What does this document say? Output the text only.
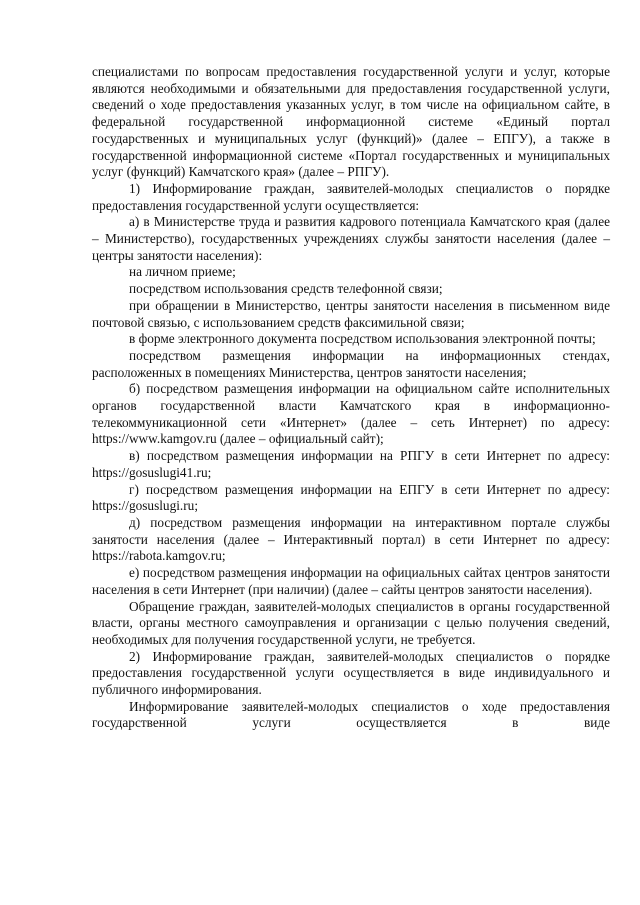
специалистами по вопросам предоставления государственной услуги и услуг, которые являются необходимыми и обязательными для предоставления государственной услуги, сведений о ходе предоставления указанных услуг, в том числе на официальном сайте, в федеральной государственной информационной системе «Единый портал государственных и муниципальных услуг (функций)» (далее – ЕПГУ), а также в государственной информационной системе «Портал государственных и муниципальных услуг (функций) Камчатского края» (далее – РПГУ).

1) Информирование граждан, заявителей-молодых специалистов о порядке предоставления государственной услуги осуществляется:

а) в Министерстве труда и развития кадрового потенциала Камчатского края (далее – Министерство), государственных учреждениях службы занятости населения (далее – центры занятости населения):

на личном приеме;

посредством использования средств телефонной связи;

при обращении в Министерство, центры занятости населения в письменном виде почтовой связью, с использованием средств факсимильной связи;

в форме электронного документа посредством использования электронной почты;

посредством размещения информации на информационных стендах, расположенных в помещениях Министерства, центров занятости населения;

б) посредством размещения информации на официальном сайте исполнительных органов государственной власти Камчатского края в информационно-телекоммуникационной сети «Интернет» (далее – сеть Интернет) по адресу: https://www.kamgov.ru (далее – официальный сайт);

в) посредством размещения информации на РПГУ в сети Интернет по адресу: https://gosuslugi41.ru;

г) посредством размещения информации на ЕПГУ в сети Интернет по адресу: https://gosuslugi.ru;

д) посредством размещения информации на интерактивном портале службы занятости населения (далее – Интерактивный портал) в сети Интернет по адресу: https://rabota.kamgov.ru;

е) посредством размещения информации на официальных сайтах центров занятости населения в сети Интернет (при наличии) (далее – сайты центров занятости населения).

Обращение граждан, заявителей-молодых специалистов в органы государственной власти, органы местного самоуправления и организации с целью получения сведений, необходимых для получения государственной услуги, не требуется.

2) Информирование граждан, заявителей-молодых специалистов о порядке предоставления государственной услуги осуществляется в виде индивидуального и публичного информирования.

Информирование заявителей-молодых специалистов о ходе предоставления государственной услуги осуществляется в виде
